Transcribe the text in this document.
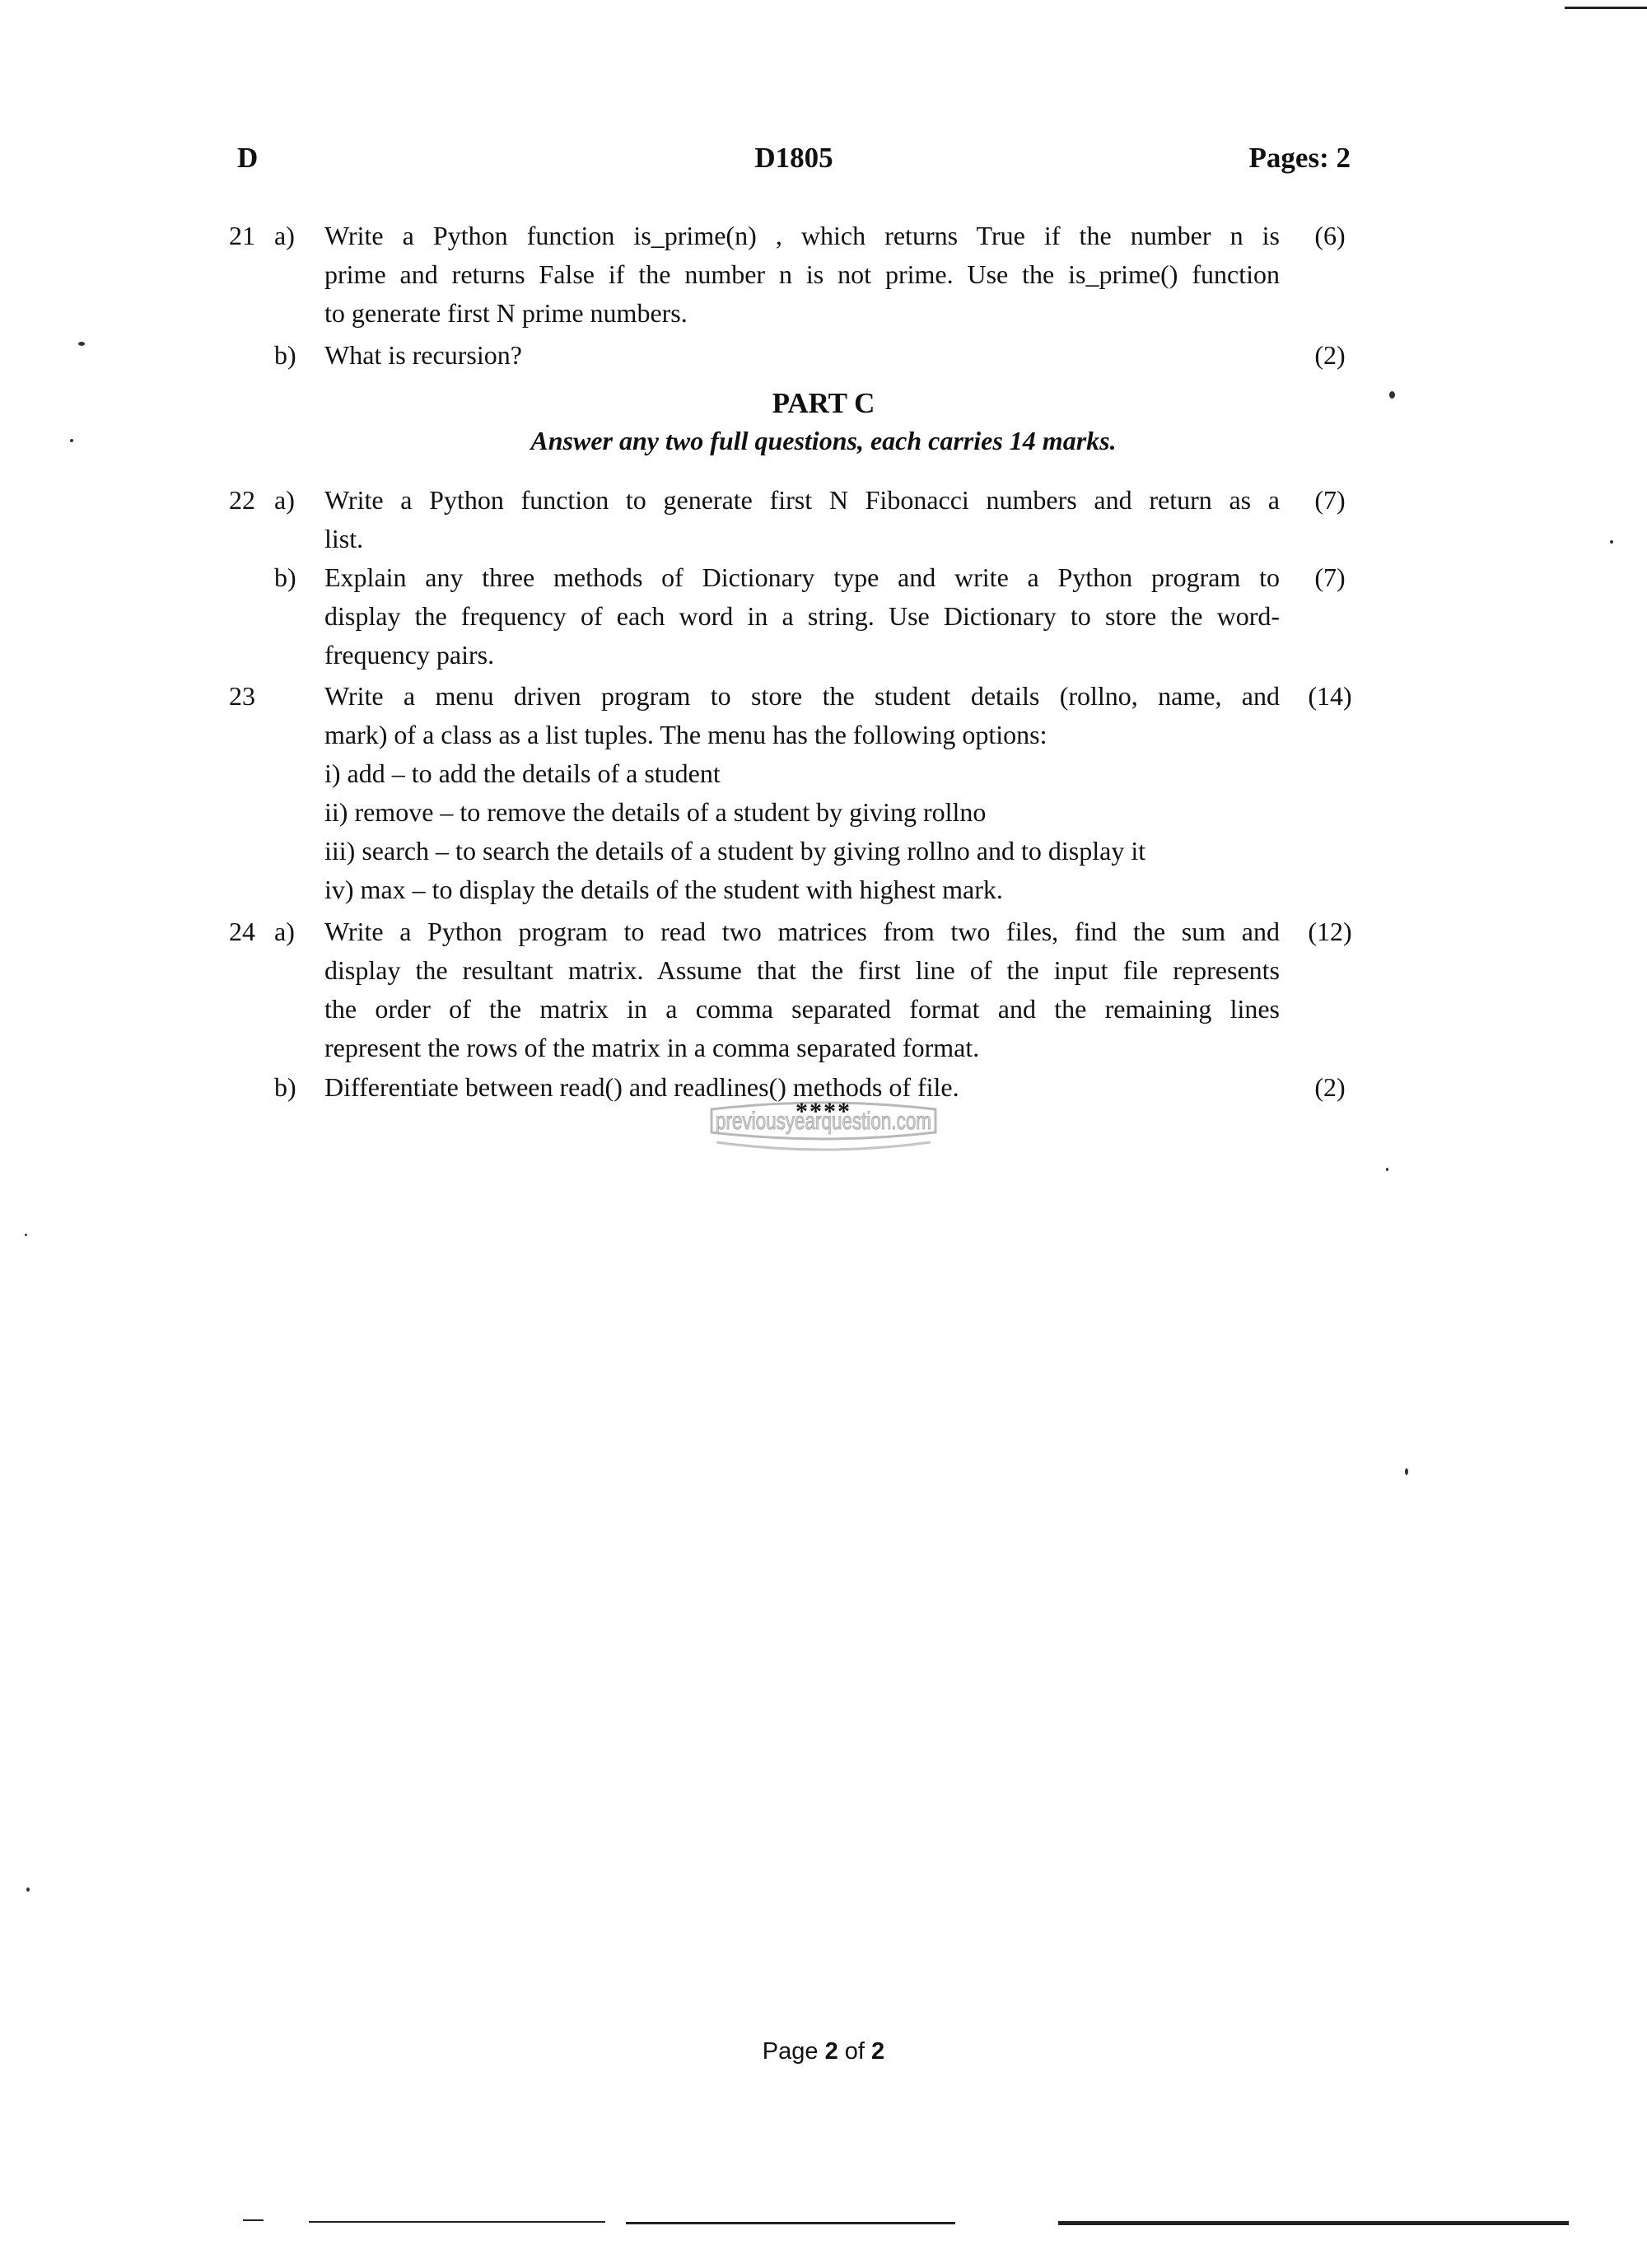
D	D1805	Pages: 2
21 a) Write a Python function is_prime(n) , which returns True if the number n is
prime and returns False if the number n is not prime. Use the is_prime() function
to generate first N prime numbers.
(6)
b) What is recursion?	(2)
PART C
Answer any two full questions, each carries 14 marks.
22 a) Write a Python function to generate first N Fibonacci numbers and return as a
list.
(7)
b) Explain any three methods of Dictionary type and write a Python program to
display the frequency of each word in a string. Use Dictionary to store the word-
frequency pairs.
(7)
23	Write a menu driven program to store the student details (rollno, name, and
mark) of a class as a list tuples. The menu has the following options:
i) add – to add the details of a student
ii) remove – to remove the details of a student by giving rollno
iii) search – to search the details of a student by giving rollno and to display it
iv) max – to display the details of the student with highest mark.
(14)
24 a) Write a Python program to read two matrices from two files, find the sum and
display the resultant matrix. Assume that the first line of the input file represents
the order of the matrix in a comma separated format and the remaining lines
represent the rows of the matrix in a comma separated format.
(12)
b) Differentiate between read() and readlines() methods of file.	(2)
previousyearquestion.com
****
Page 2 of 2
